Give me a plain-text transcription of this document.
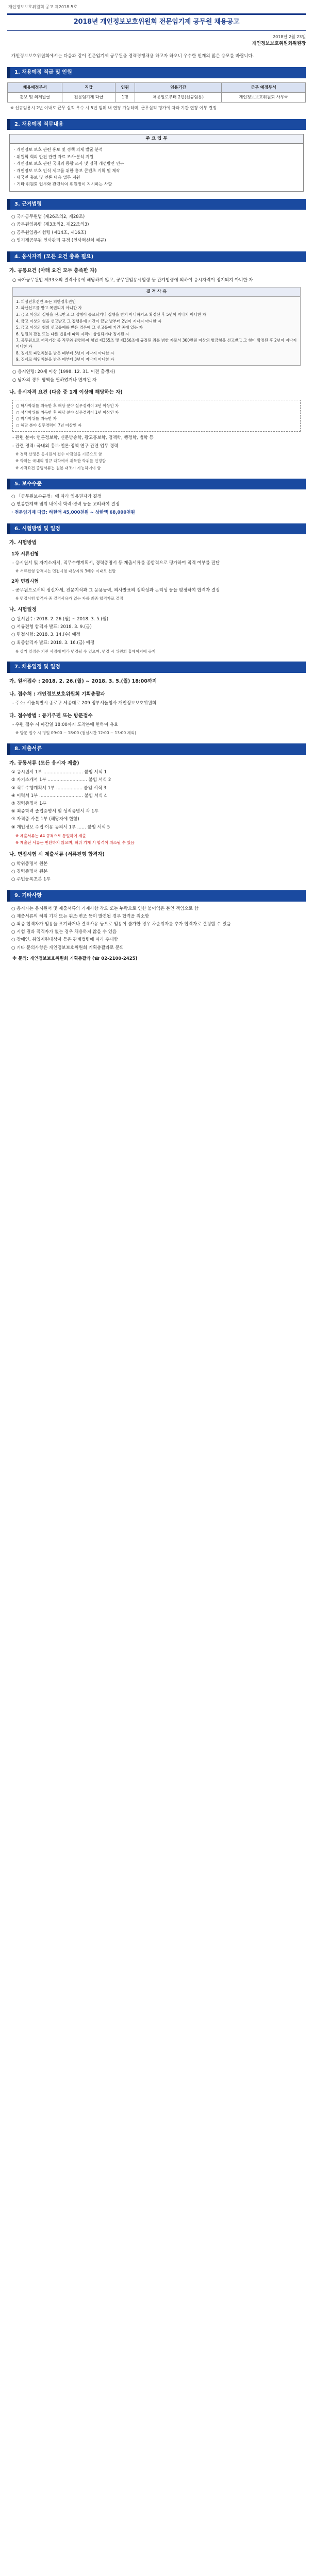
개인정보보호위원회 공고 제2018-5호
2018년 개인정보보호위원회 전문임기제 공무원 채용공고
2018년 2월 23일
개인정보보호위원회위원장
개인정보보호위원회에서는 다음과 같이 전문임기제 공무원을 경력경쟁채용 하고자 하오니 우수한 인재의 많은 응모를 바랍니다.
1. 채용예정 직급 및 인원
채용예정부서	직급	인원	임용기간	근무 예정부서
홍보 및 의제발굴	전문임기제 다급	1명	채용일로부터 2년(신규임용)	개인정보보호위원회 사무국
※ 신규임용시 2년 이내로 근무 실적 우수 시 5년 범위 내 연장 가능하며, 근무실적 평가에 따라 기간 연장 여부 결정
2. 채용예정 직무내용
주 요 업 무

· 개인정보 보호 관련 홍보 및 정책 의제 발굴·분석

· 위원회 회의 안건 관련 자료 조사·분석 지원

· 개인정보 보호 관련 국내외 동향 조사 및 정책 개선방안 연구

· 개인정보 보호 인식 제고를 위한 홍보 콘텐츠 기획 및 제작

· 대국민 홍보 및 언론 대응 업무 지원

· 기타 위원회 업무와 관련하여 위원장이 지시하는 사항

3. 근거법령

○ 국가공무원법 (제26조의2, 제28조)

○ 공무원임용령 (제3조의2, 제22조의3)

○ 공무원임용시험령 (제14조, 제16조)

○ 임기제공무원 인사관리 규정 (인사혁신처 예규)

4. 응시자격 (모든 요건 충족 필요)
가. 공통요건 (아래 요건 모두 충족한 자)
○ 국가공무원법 제33조의 결격사유에 해당하지 않고, 공무원임용시험령 등 관계법령에 의하여 응시자격이 정지되지 아니한 자
결 격 사 유

1. 피성년후견인 또는 피한정후견인

2. 파산선고를 받고 복권되지 아니한 자

3. 금고 이상의 실형을 선고받고 그 집행이 종료되거나 집행을 받지 아니하기로 확정된 후 5년이 지나지 아니한 자

4. 금고 이상의 형을 선고받고 그 집행유예 기간이 끝난 날부터 2년이 지나지 아니한 자

5. 금고 이상의 형의 선고유예를 받은 경우에 그 선고유예 기간 중에 있는 자

6. 법원의 판결 또는 다른 법률에 따라 자격이 상실되거나 정지된 자

7. 공무원으로 재직기간 중 직무와 관련하여 형법 제355조 및 제356조에 규정된 죄를 범한 자로서 300만원 이상의 벌금형을 선고받고 그 형이 확정된 후 2년이 지나지 아니한 자

8. 징계로 파면처분을 받은 때부터 5년이 지나지 아니한 자

9. 징계로 해임처분을 받은 때부터 3년이 지나지 아니한 자

○ 응시연령: 20세 이상 (1998. 12. 31. 이전 출생자)
○ 남자의 경우 병역을 필하였거나 면제된 자
나. 응시자격 요건 (다음 중 1개 이상에 해당하는 자)

○ 학사학위를 취득한 후 해당 분야 실무경력이 3년 이상인 자

○ 석사학위를 취득한 후 해당 분야 실무경력이 1년 이상인 자

○ 박사학위를 취득한 자

○ 해당 분야 실무경력이 7년 이상인 자

- 관련 분야: 언론정보학, 신문방송학, 광고홍보학, 정책학, 행정학, 법학 등
- 관련 경력: 국내외 홍보·언론·정책 연구 관련 업무 경력
※ 경력 산정은 응시원서 접수 마감일을 기준으로 함
※ 학위는 국내외 정규 대학에서 취득한 학위를 인정함
※ 자격요건 증빙서류는 원본 대조가 가능하여야 함
5. 보수수준

○ 「공무원보수규정」에 따라 임용권자가 결정

○ 연봉한계액 범위 내에서 학력·경력 등을 고려하여 결정

· 전문임기제 다급: 하한액 45,000천원 ~ 상한액 68,000천원

6. 시험방법 및 일정
가. 시험방법
1차 서류전형
- 응시원서 및 자기소개서, 직무수행계획서, 경력증명서 등 제출서류를 종합적으로 평가하여 적격 여부를 판단
※ 서류전형 합격자는 면접시험 대상자의 3배수 이내로 선발
2차 면접시험
- 공무원으로서의 정신자세, 전문지식과 그 응용능력, 의사발표의 정확성과 논리성 등을 평정하여 합격자 결정
※ 면접시험 합격자 중 결격사유가 없는 자를 최종 합격자로 결정
나. 시험일정

○ 원서접수: 2018. 2. 26.(월) ~ 2018. 3. 5.(월)

○ 서류전형 합격자 발표: 2018. 3. 9.(금)

○ 면접시험: 2018. 3. 14.(수) 예정

○ 최종합격자 발표: 2018. 3. 16.(금) 예정

※ 상기 일정은 기관 사정에 따라 변경될 수 있으며, 변경 시 위원회 홈페이지에 공지
7. 채용일정 및 일정
가. 원서접수 : 2018. 2. 26.(월) ~ 2018. 3. 5.(월) 18:00까지
나. 접수처 : 개인정보보호위원회 기획총괄과
- 주소: 서울특별시 종로구 세종대로 209 정부서울청사 개인정보보호위원회
다. 접수방법 : 등기우편 또는 방문접수
- 우편 접수 시 마감일 18:00까지 도착분에 한하여 유효
※ 방문 접수 시 평일 09:00 ~ 18:00 (점심시간 12:00 ~ 13:00 제외)
8. 제출서류
가. 공통서류 (모든 응시자 제출)

① 응시원서 1부 ……………………… 붙임 서식 1

② 자기소개서 1부 ……………………… 붙임 서식 2

③ 직무수행계획서 1부 ……………… 붙임 서식 3

④ 이력서 1부 ………………………… 붙임 서식 4

⑤ 경력증명서 1부

⑥ 최종학력 졸업증명서 및 성적증명서 각 1부

⑦ 자격증 사본 1부 (해당자에 한함)

⑧ 개인정보 수집·이용 동의서 1부 …… 붙임 서식 5

※ 제출서류는 A4 규격으로 통일하여 제출
※ 제출된 서류는 반환하지 않으며, 허위 기재 시 합격이 취소될 수 있음
나. 면접시험 시 제출서류 (서류전형 합격자)

○ 학위증명서 원본

○ 경력증명서 원본

○ 주민등록초본 1부

9. 기타사항

○ 응시자는 응시원서 및 제출서류의 기재사항 착오 또는 누락으로 인한 불이익은 본인 책임으로 함

○ 제출서류의 허위 기재 또는 위조·변조 등이 발견될 경우 합격을 취소함

○ 최종 합격자가 임용을 포기하거나 결격사유 등으로 임용이 불가한 경우 차순위자를 추가 합격자로 결정할 수 있음

○ 시험 결과 적격자가 없는 경우 채용하지 않을 수 있음

○ 장애인, 취업지원대상자 등은 관계법령에 따라 우대함

○ 기타 문의사항은 개인정보보호위원회 기획총괄과로 문의

※ 문의: 개인정보보호위원회 기획총괄과 (☎ 02-2100-2425)
